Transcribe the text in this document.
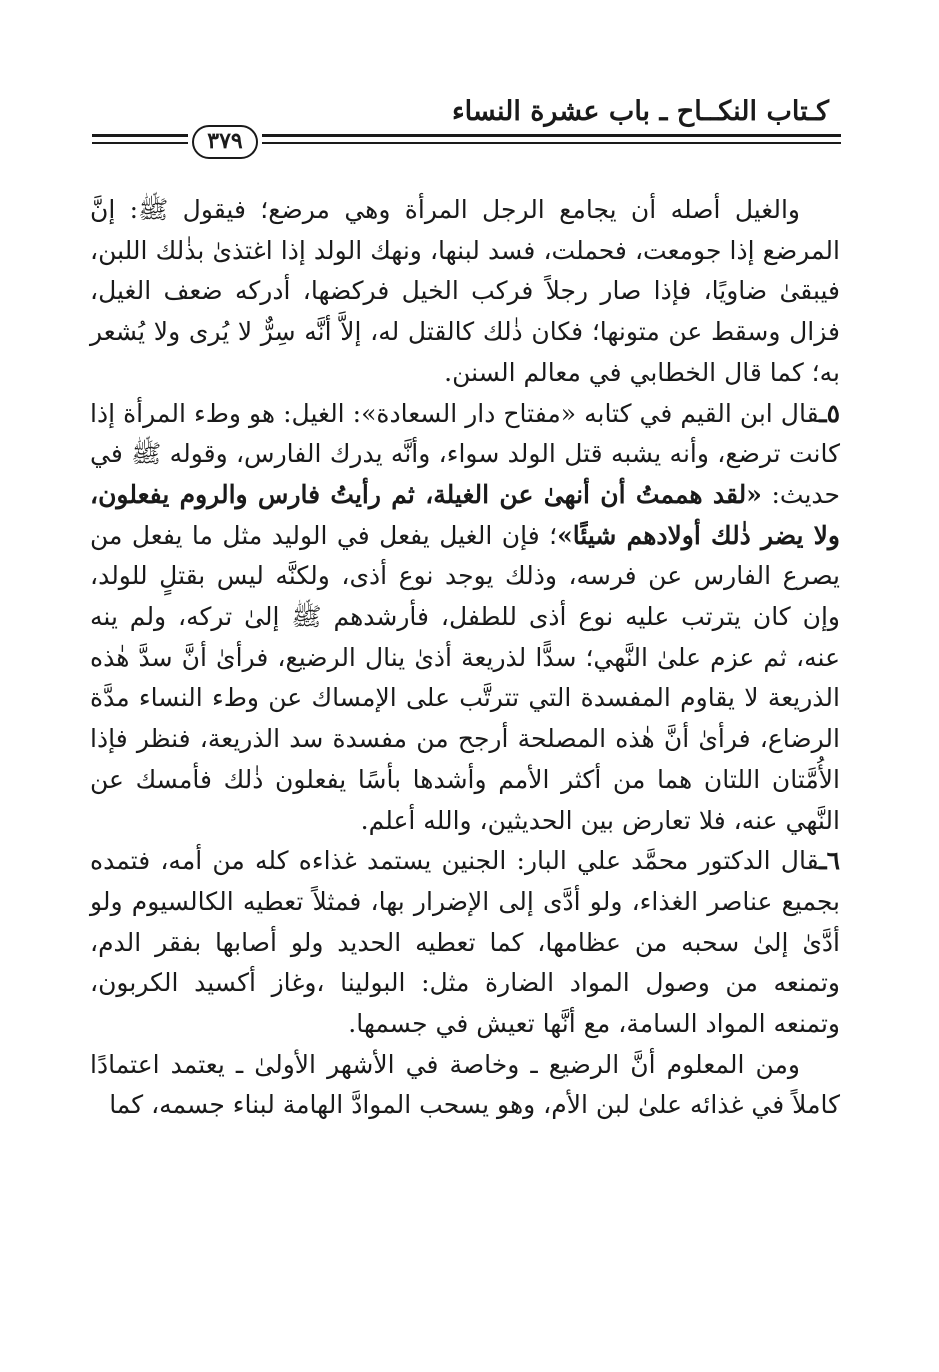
كـتاب النكــاح ـ باب عشرة النساء
٣٧٩

والغيل أصله أن يجامع الرجل المرأة وهي مرضع؛ فيقول ﷺ: إنَّ المرضع إذا جومعت، فحملت، فسد لبنها، ونهك الولد إذا اغتذىٰ بذٰلك اللبن، فيبقىٰ ضاويًا، فإذا صار رجلاً فركب الخيل فركضها، أدركه ضعف الغيل، فزال وسقط عن متونها؛ فكان ذٰلك كالقتل له، إلاَّ أنَّه سِرٌّ لا يُرى ولا يُشعر به؛ كما قال الخطابي في معالم السنن.

٥ـقال ابن القيم في كتابه «مفتاح دار السعادة»: الغيل: هو وطء المرأة إذا كانت ترضع، وأنه يشبه قتل الولد سواء، وأنَّه يدرك الفارس، وقوله ﷺ في حديث: «لقد هممتُ أن أنهىٰ عن الغيلة، ثم رأيتُ فارس والروم يفعلون، ولا يضر ذٰلك أولادهم شيئًا»؛ فإن الغيل يفعل في الوليد مثل ما يفعل من يصرع الفارس عن فرسه، وذلك يوجد نوع أذى، ولكنَّه ليس بقتلٍ للولد، وإن كان يترتب عليه نوع أذى للطفل، فأرشدهم ﷺ إلىٰ تركه، ولم ينه عنه، ثم عزم علىٰ النَّهي؛ سدًّا لذريعة أذىٰ ينال الرضيع، فرأىٰ أنَّ سدَّ هٰذه الذريعة لا يقاوم المفسدة التي تترتَّب على الإمساك عن وطء النساء مدَّة الرضاع، فرأىٰ أنَّ هٰذه المصلحة أرجح من مفسدة سد الذريعة، فنظر فإذا الأُمَّتان اللتان هما من أكثر الأمم وأشدها بأسًا يفعلون ذٰلك فأمسك عن النَّهي عنه، فلا تعارض بين الحديثين، والله أعلم.

٦ـقال الدكتور محمَّد علي البار: الجنين يستمد غذاءه كله من أمه، فتمده بجميع عناصر الغذاء، ولو أدَّى إلى الإضرار بها، فمثلاً تعطيه الكالسيوم ولو أدَّىٰ إلىٰ سحبه من عظامها، كما تعطيه الحديد ولو أصابها بفقر الدم، وتمنعه من وصول المواد الضارة مثل: البولينا ،وغاز أكسيد الكربون، وتمنعه المواد السامة، مع أنَّها تعيش في جسمها.

ومن المعلوم أنَّ الرضيع ـ وخاصة في الأشهر الأولىٰ ـ يعتمد اعتمادًا كاملاً في غذائه علىٰ لبن الأم، وهو يسحب الموادَّ الهامة لبناء جسمه، كما
